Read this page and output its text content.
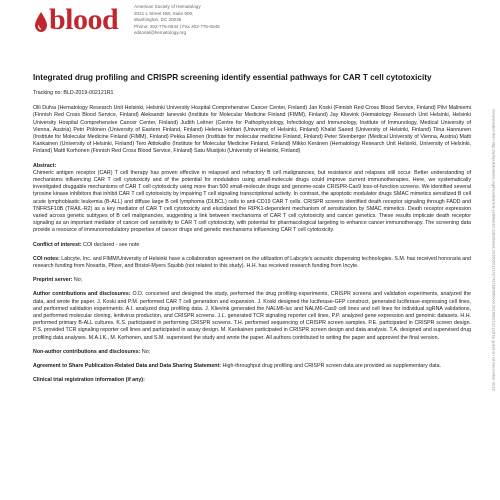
blood	American Society of Hematology
2021 L Street NW, Suite 900,
Washington, DC 20036
Phone: 202-776-0544 | Fax 202-776-0545
editorial@hematology.org
Downloaded from http://ashpublications.org/blood/article-pdf/doi/10.1182/blood.2019002121/1/741/1806/blood.2019002121.pdf by guest on 16 December 2019
Integrated drug profiling and CRISPR screening identify essential pathways for CAR T cell cytotoxicity
Tracking no: BLD-2019-002121R1
Olli Dufva (Hematology Research Unit Helsinki, Helsinki University Hospital Comprehensive Cancer Center, Finland) Jan Koski (Finnish Red Cross Blood Service, Finland) Pilvi Maliniemi (Finnish Red Cross Blood Service, Finland) Aleksandr Ianevski (Institute for Molecular Medicine Finland (FIMM), Finland) Jay Klievink (Hematology Research Unit Helsinki, Helsinki University Hospital Comprehensive Cancer Center, Finland) Judith Leitner (Centre for Pathophysiology, Infectiology and Immunology, Institute of Immunology, Medical University of Vienna, Austria) Petri Pölönen (University of Eastern Finland, Finland) Helena Hohtari (University of Helsinki, Finland) Khalid Saeed (University of Helsinki, Finland) Tiina Hannunen (Institute for Molecular Medicine Finland (FIMM), Finland) Pekka Ellonen (Institute for molecular medicine Finland, Finland) Peter Steinberger (Medical University of Vienna, Austria) Matti Kankainen (University of Helsinki, Finland) Tero Aittokallio (Institute for Molecular Medicine Finland, Finland) Mikko Keränen (Hematology Research Unit Helsinki, University of Helsinki, Finland) Matti Korhonen (Finnish Red Cross Blood Service, Finland) Satu Mustjoki (University of Helsinki, Finland)
Abstract:
Chimeric antigen receptor (CAR) T cell therapy has proven effective in relapsed and refractory B cell malignancies, but resistance and relapses still occur. Better understanding of mechanisms influencing CAR T cell cytotoxicity and of the potential for modulation using small-molecule drugs could improve current immunotherapies. Here, we systematically investigated druggable mechanisms of CAR T cell cytotoxicity using more than 500 small-molecule drugs and genome-scale CRISPR-Cas9 loss-of-function screens. We identified several tyrosine kinase inhibitors that inhibit CAR T cell cytotoxicity by impairing T cell signaling transcriptional activity. In contrast, the apoptotic modulator drugs SMAC mimetics sensitized B cell acute lymphoblastic leukemia (B-ALL) and diffuse large B cell lymphoma (DLBCL) cells to anti-CD19 CAR T cells. CRISPR screens identified death receptor signaling through FADD and TNFRSF10B (TRAIL-R2) as a key mediator of CAR T cell cytotoxicity and elucidated the RIPK1-dependent mechanism of sensitization by SMAC mimetics. Death receptor expression varied across genetic subtypes of B cell malignancies, suggesting a link between mechanisms of CAR T cell cytotoxicity and cancer genetics. These results implicate death receptor signaling as an important mediator of cancer cell sensitivity to CAR T cell cytotoxicity, with potential for pharmacological targeting to enhance cancer immunotherapy. The screening data provide a resource of immunomodulatory properties of cancer drugs and genetic mechanisms influencing CAR T cell cytotoxicity.
Conflict of interest: COI declared - see note
COI notes: Labcyte, Inc. and FIMM/University of Helsinki have a collaboration agreement on the utilization of Labcyte's acoustic dispensing technologies. S.M. has received honoraria and research funding from Novartis, Pfizer, and Bristol-Myers Squibb (not related to this study). H.H. has received research funding from Incyte.
Preprint server: No;
Author contributions and disclosures: O.D. conceived and designed the study, performed the drug profiling experiments, CRISPR screens and validation experiments, analyzed the data, and wrote the paper. J. Koski and P.M. performed CAR T cell generation and expansion. J. Koski designed the luciferase-GFP construct, generated luciferase-expressing cell lines, and performed validation experiments. A.I. analyzed drug profiling data. J. Klievink generated the NALM6-luc and NALM6-Cas9 cell lines and cell lines for individual sgRNA validations, and performed molecular cloning, lentivirus production, and CRISPR screens. J.L. generated TCR signaling reporter cell lines. P.P. analyzed gene expression and genomic datasets. H.H. performed primary B-ALL cultures. K.S. participated in performing CRISPR screens. T.H. performed sequencing of CRISPR screen samples. P.E. participated in CRISPR screen design. P.S. provided TCR signaling reporter cell lines and participated in assay design. M. Kankainen participated in CRISPR screen design and data analysis. T.A. designed and supervised drug profiling data analyses. M.A.I.K., M. Korhonen, and S.M. supervised the study and wrote the paper. All authors contributed to writing the paper and approved the final version.
Non-author contributions and disclosures: No;
Agreement to Share Publication-Related Data and Data Sharing Statement: High-throughput drug profiling and CRISPR screen data are provided as supplementary data.
Clinical trial registration information (if any):
